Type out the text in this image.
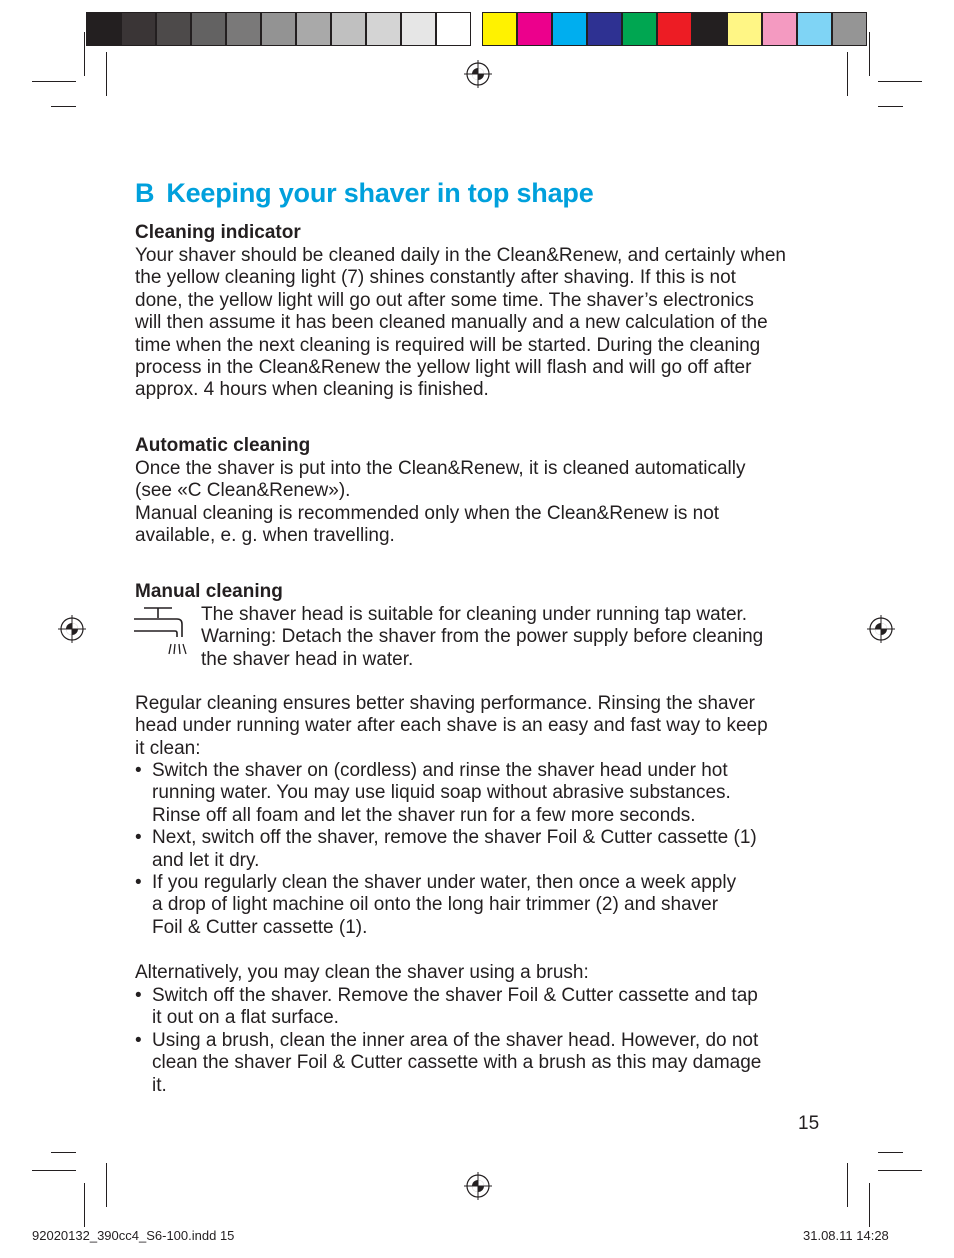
B Keeping your shaver in top shape
Cleaning indicator
Your shaver should be cleaned daily in the Clean&Renew, and certainly when
the yellow cleaning light (7) shines constantly after shaving. If this is not
done, the yellow light will go out after some time. The shaver’s electronics
will then assume it has been cleaned manually and a new calculation of the
time when the next cleaning is required will be started. During the cleaning
process in the Clean&Renew the yellow light will flash and will go off after
approx. 4 hours when cleaning is finished.
Automatic cleaning
Once the shaver is put into the Clean&Renew, it is cleaned automatically
(see «C Clean&Renew»).
Manual cleaning is recommended only when the Clean&Renew is not
available, e. g. when travelling.
Manual cleaning
The shaver head is suitable for cleaning under running tap water.
Warning: Detach the shaver from the power supply before cleaning
the shaver head in water.
Regular cleaning ensures better shaving performance. Rinsing the shaver
head under running water after each shave is an easy and fast way to keep
it clean:
• Switch the shaver on (cordless) and rinse the shaver head under hot
running water. You may use liquid soap without abrasive substances.
Rinse off all foam and let the shaver run for a few more seconds.
• Next, switch off the shaver, remove the shaver Foil & Cutter cassette (1)
and let it dry.
• If you regularly clean the shaver under water, then once a week apply
a drop of light machine oil onto the long hair trimmer (2) and shaver
Foil & Cutter cassette (1).
Alternatively, you may clean the shaver using a brush:
• Switch off the shaver. Remove the shaver Foil & Cutter cassette and tap
it out on a flat surface.
• Using a brush, clean the inner area of the shaver head. However, do not
clean the shaver Foil & Cutter cassette with a brush as this may damage
it.
15
92020132_390cc4_S6-100.indd 15	31.08.11 14:28
